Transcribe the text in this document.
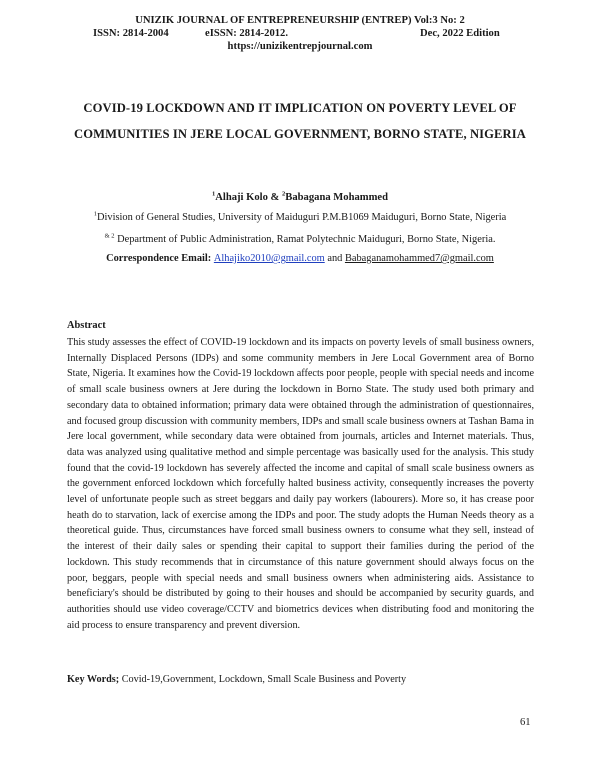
UNIZIK JOURNAL OF ENTREPRENEURSHIP (ENTREP) Vol:3 No: 2
ISSN: 2814-2004	eISSN: 2814-2012.	Dec, 2022 Edition
https://unizikentrepjournal.com
COVID-19 LOCKDOWN AND IT IMPLICATION ON POVERTY LEVEL OF COMMUNITIES IN JERE LOCAL GOVERNMENT, BORNO STATE, NIGERIA
$^1$Alhaji Kolo & $^2$Babagana Mohammed
$^1$Division of General Studies, University of Maiduguri P.M.B1069 Maiduguri, Borno State, Nigeria
$^{\& 2}$ Department of Public Administration, Ramat Polytechnic Maiduguri, Borno State, Nigeria.
Correspondence Email: Alhajiko2010@gmail.com and Babaganamohammed7@gmail.com
Abstract
This study assesses the effect of COVID-19 lockdown and its impacts on poverty levels of small business owners, Internally Displaced Persons (IDPs) and some community members in Jere Local Government area of Borno State, Nigeria. It examines how the Covid-19 lockdown affects poor people, people with special needs and income of small scale business owners at Jere during the lockdown in Borno State. The study used both primary and secondary data to obtained information; primary data were obtained through the administration of questionnaires, and focused group discussion with community members, IDPs and small scale business owners at Tashan Bama in Jere local government, while secondary data were obtained from journals, articles and Internet materials. Thus, data was analyzed using qualitative method and simple percentage was basically used for the analysis. This study found that the covid-19 lockdown has severely affected the income and capital of small scale business owners as the government enforced lockdown which forcefully halted business activity, consequently increases the poverty level of unfortunate people such as street beggars and daily pay workers (labourers). More so, it has crease poor heath do to starvation, lack of exercise among the IDPs and poor. The study adopts the Human Needs theory as a theoretical guide. Thus, circumstances have forced small business owners to consume what they sell, instead of the interest of their daily sales or spending their capital to support their families during the period of the lockdown. This study recommends that in circumstance of this nature government should always focus on the poor, beggars, people with special needs and small business owners when administering aids. Assistance to beneficiary's should be distributed by going to their houses and should be accompanied by security guards, and authorities should use video coverage/CCTV and biometrics devices when distributing food and monitoring the aid process to ensure transparency and prevent diversion.
Key Words; Covid-19,Government, Lockdown, Small Scale Business and Poverty
61
